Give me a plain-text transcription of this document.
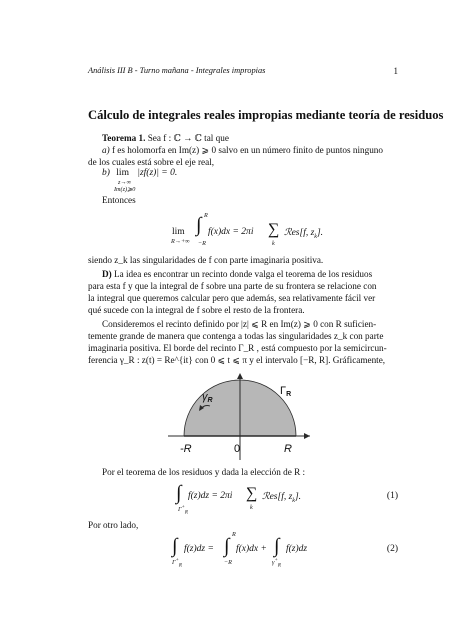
Análisis III B - Turno mañana - Integrales impropias	1
Cálculo de integrales reales impropias mediante teoría de residuos
Teorema 1. Sea f : ℂ → ℂ tal que
a) f es holomorfa en Im(z) ⩾ 0 salvo en un número finito de puntos ninguno
de los cuales está sobre el eje real,
b) lim |zf(z)| = 0.
z→∞
Im(z)⩾0
Entonces
lim
R→+∞
∫ R
−R
f(x)dx = 2πi ∑
k
ℛes[f, $z_k$].
siendo z_k las singularidades de f con parte imaginaria positiva.
D) La idea es encontrar un recinto donde valga el teorema de los residuos
para esta f y que la integral de f sobre una parte de su frontera se relacione con
la integral que queremos calcular pero que además, sea relativamente fácil ver
qué sucede con la integral de f sobre el resto de la frontera.
Consideremos el recinto definido por |z| ⩽ R en Im(z) ⩾ 0 con R suficien-
temente grande de manera que contenga a todas las singularidades z_k con parte
imaginaria positiva. El borde del recinto Γ_R , está compuesto por la semicircun-
ferencia γ_R : z(t) = Re^{it} con 0 ⩽ t ⩽ π y el intervalo [−R, R]. Gráficamente,
γR
ΓR
-R	0	R
Por el teorema de los residuos y dada la elección de R :
∫
$\Gamma^+_R$
f(z)dz = 2πi ∑
k
ℛes[f, $z_k$].	(1)
Por otro lado,
∫
$\Gamma^+_R$
f(z)dz = ∫
R
−R
f(x)dx + ∫
$\gamma^+_R$
f(z)dz	(2)
